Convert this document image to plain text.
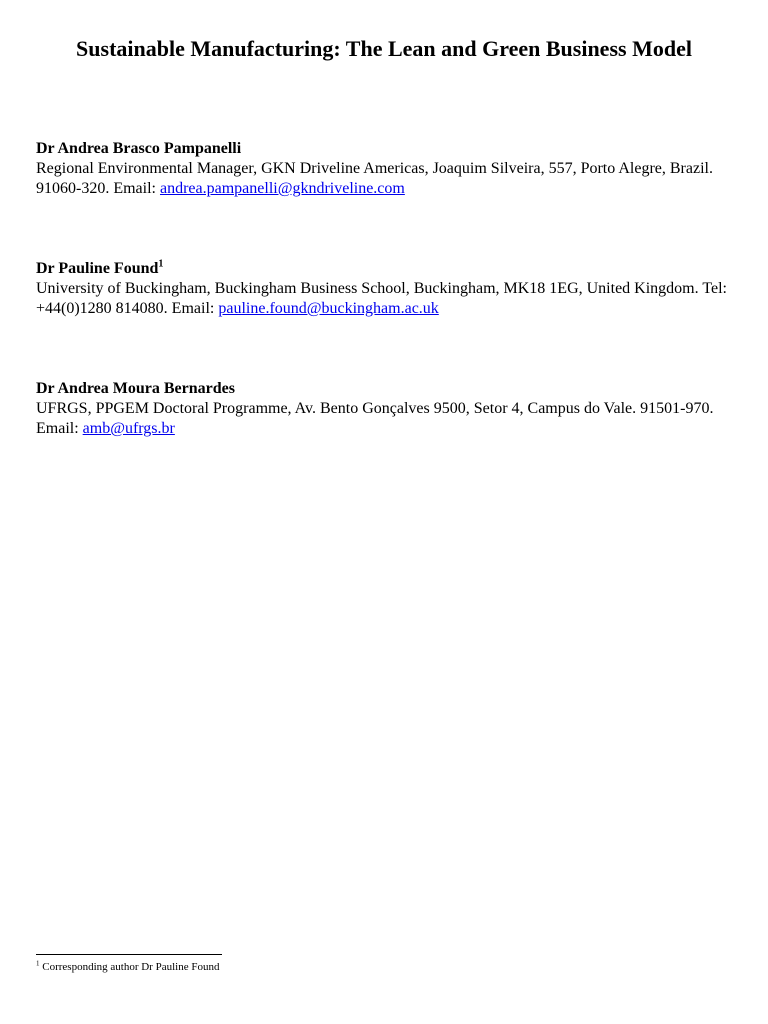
Sustainable Manufacturing: The Lean and Green Business Model

Dr Andrea Brasco Pampanelli

Regional Environmental Manager, GKN Driveline Americas, Joaquim Silveira, 557, Porto Alegre, Brazil. 91060-320. Email: andrea.pampanelli@gkndriveline.com

Dr Pauline Found$^1$

University of Buckingham, Buckingham Business School, Buckingham, MK18 1EG, United Kingdom. Tel: +44(0)1280 814080. Email: pauline.found@buckingham.ac.uk

Dr Andrea Moura Bernardes

UFRGS, PPGEM Doctoral Programme, Av. Bento Gonçalves 9500, Setor 4, Campus do Vale. 91501-970. Email: amb@ufrgs.br

$^1$ Corresponding author Dr Pauline Found
